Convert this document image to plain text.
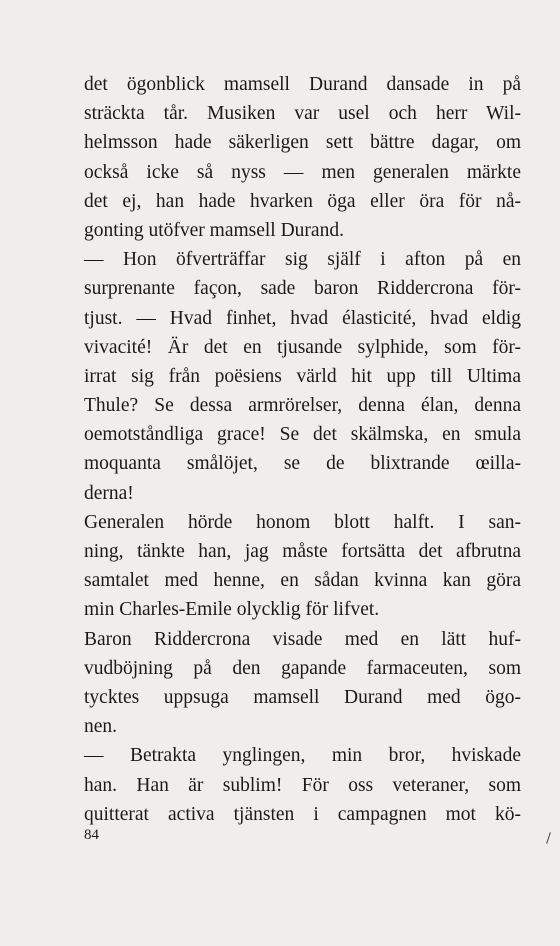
det ögonblick mamsell Durand dansade in på
sträckta tår. Musiken var usel och herr Wil-
helmsson hade säkerligen sett bättre dagar, om
också icke så nyss — men generalen märkte
det ej, han hade hvarken öga eller öra för nå-
gonting utöfver mamsell Durand.
— Hon öfverträffar sig själf i afton på en
surprenante façon, sade baron Riddercrona för-
tjust. — Hvad finhet, hvad élasticité, hvad eldig
vivacité! Är det en tjusande sylphide, som för-
irrat sig från poësiens värld hit upp till Ultima
Thule? Se dessa armrörelser, denna élan, denna
oemotståndliga grace! Se det skälmska, en smula
moquanta smålöjet, se de blixtrande œilla-
derna!
Generalen hörde honom blott halft. I san-
ning, tänkte han, jag måste fortsätta det afbrutna
samtalet med henne, en sådan kvinna kan göra
min Charles-Emile olycklig för lifvet.
Baron Riddercrona visade med en lätt huf-
vudböjning på den gapande farmaceuten, som
tycktes uppsuga mamsell Durand med ögo-
nen.
— Betrakta ynglingen, min bror, hviskade
han. Han är sublim! För oss veteraner, som
quitterat activa tjänsten i campagnen mot kö-
84
